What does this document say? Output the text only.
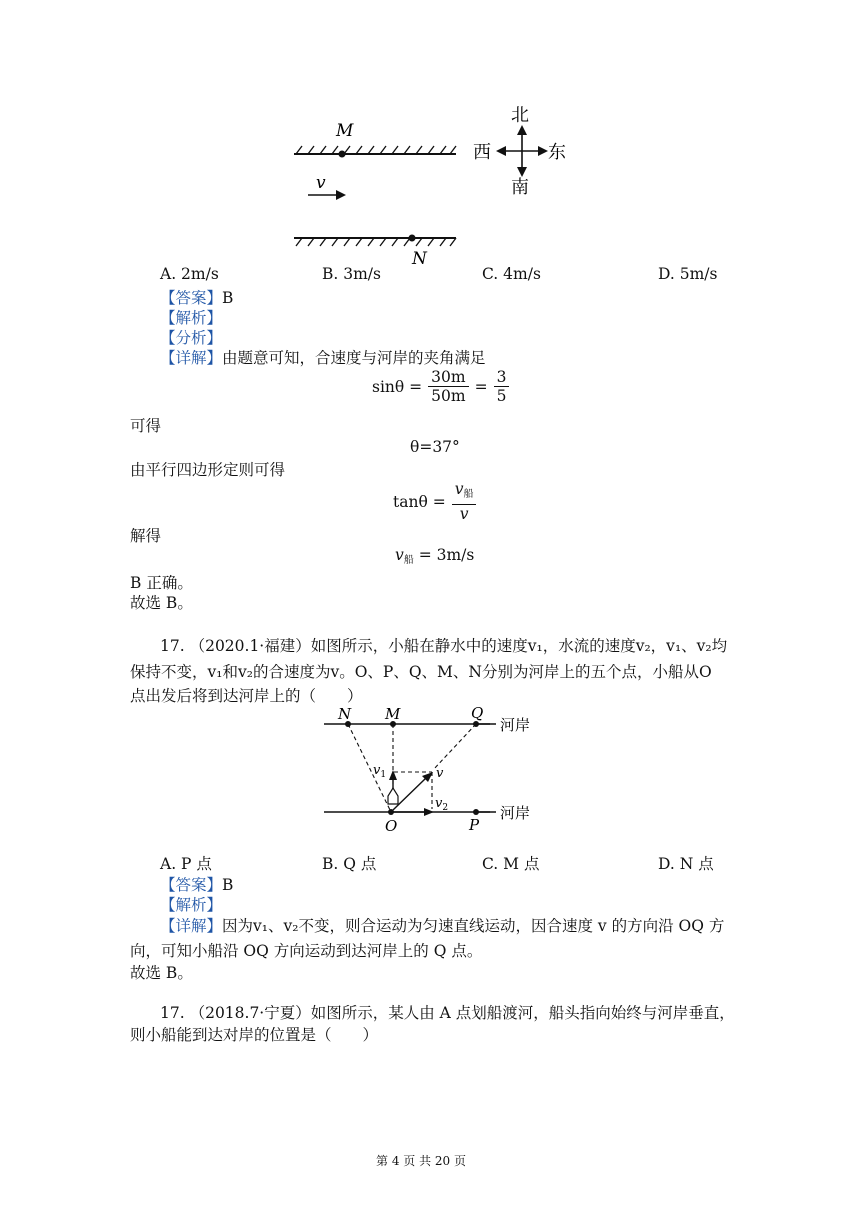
M
v
N
北
南
西	东
A. 2m/s	B. 3m/s	C. 4m/s	D. 5m/s
【答案】B
【解析】
【分析】
【详解】由题意可知，合速度与河岸的夹角满足
$\sin\theta = \frac{30m}{50m} = \frac{3}{5}$
可得
θ=37°
由平行四边形定则可得
$\tan\theta = \frac{v_船}{v}$
解得
$v_船 = 3m/s$
B 正确。
故选 B。
17. （2020.1·福建）如图所示，小船在静水中的速度v₁，水流的速度v₂，v₁、v₂均
保持不变，v₁和v₂的合速度为v。O、P、Q、M、N分别为河岸上的五个点，小船从O
点出发后将到达河岸上的（　　）
N M	Q
O	P
$v_1$
$v_2$
v
河岸
河岸
A. P 点	B. Q 点	C. M 点	D. N 点
【答案】B
【解析】
【详解】因为v₁、v₂不变，则合运动为匀速直线运动，因合速度 v 的方向沿 OQ 方
向，可知小船沿 OQ 方向运动到达河岸上的 Q 点。
故选 B。
17. （2018.7·宁夏）如图所示，某人由 A 点划船渡河，船头指向始终与河岸垂直，
则小船能到达对岸的位置是（　　）
第 4 页 共 20 页
